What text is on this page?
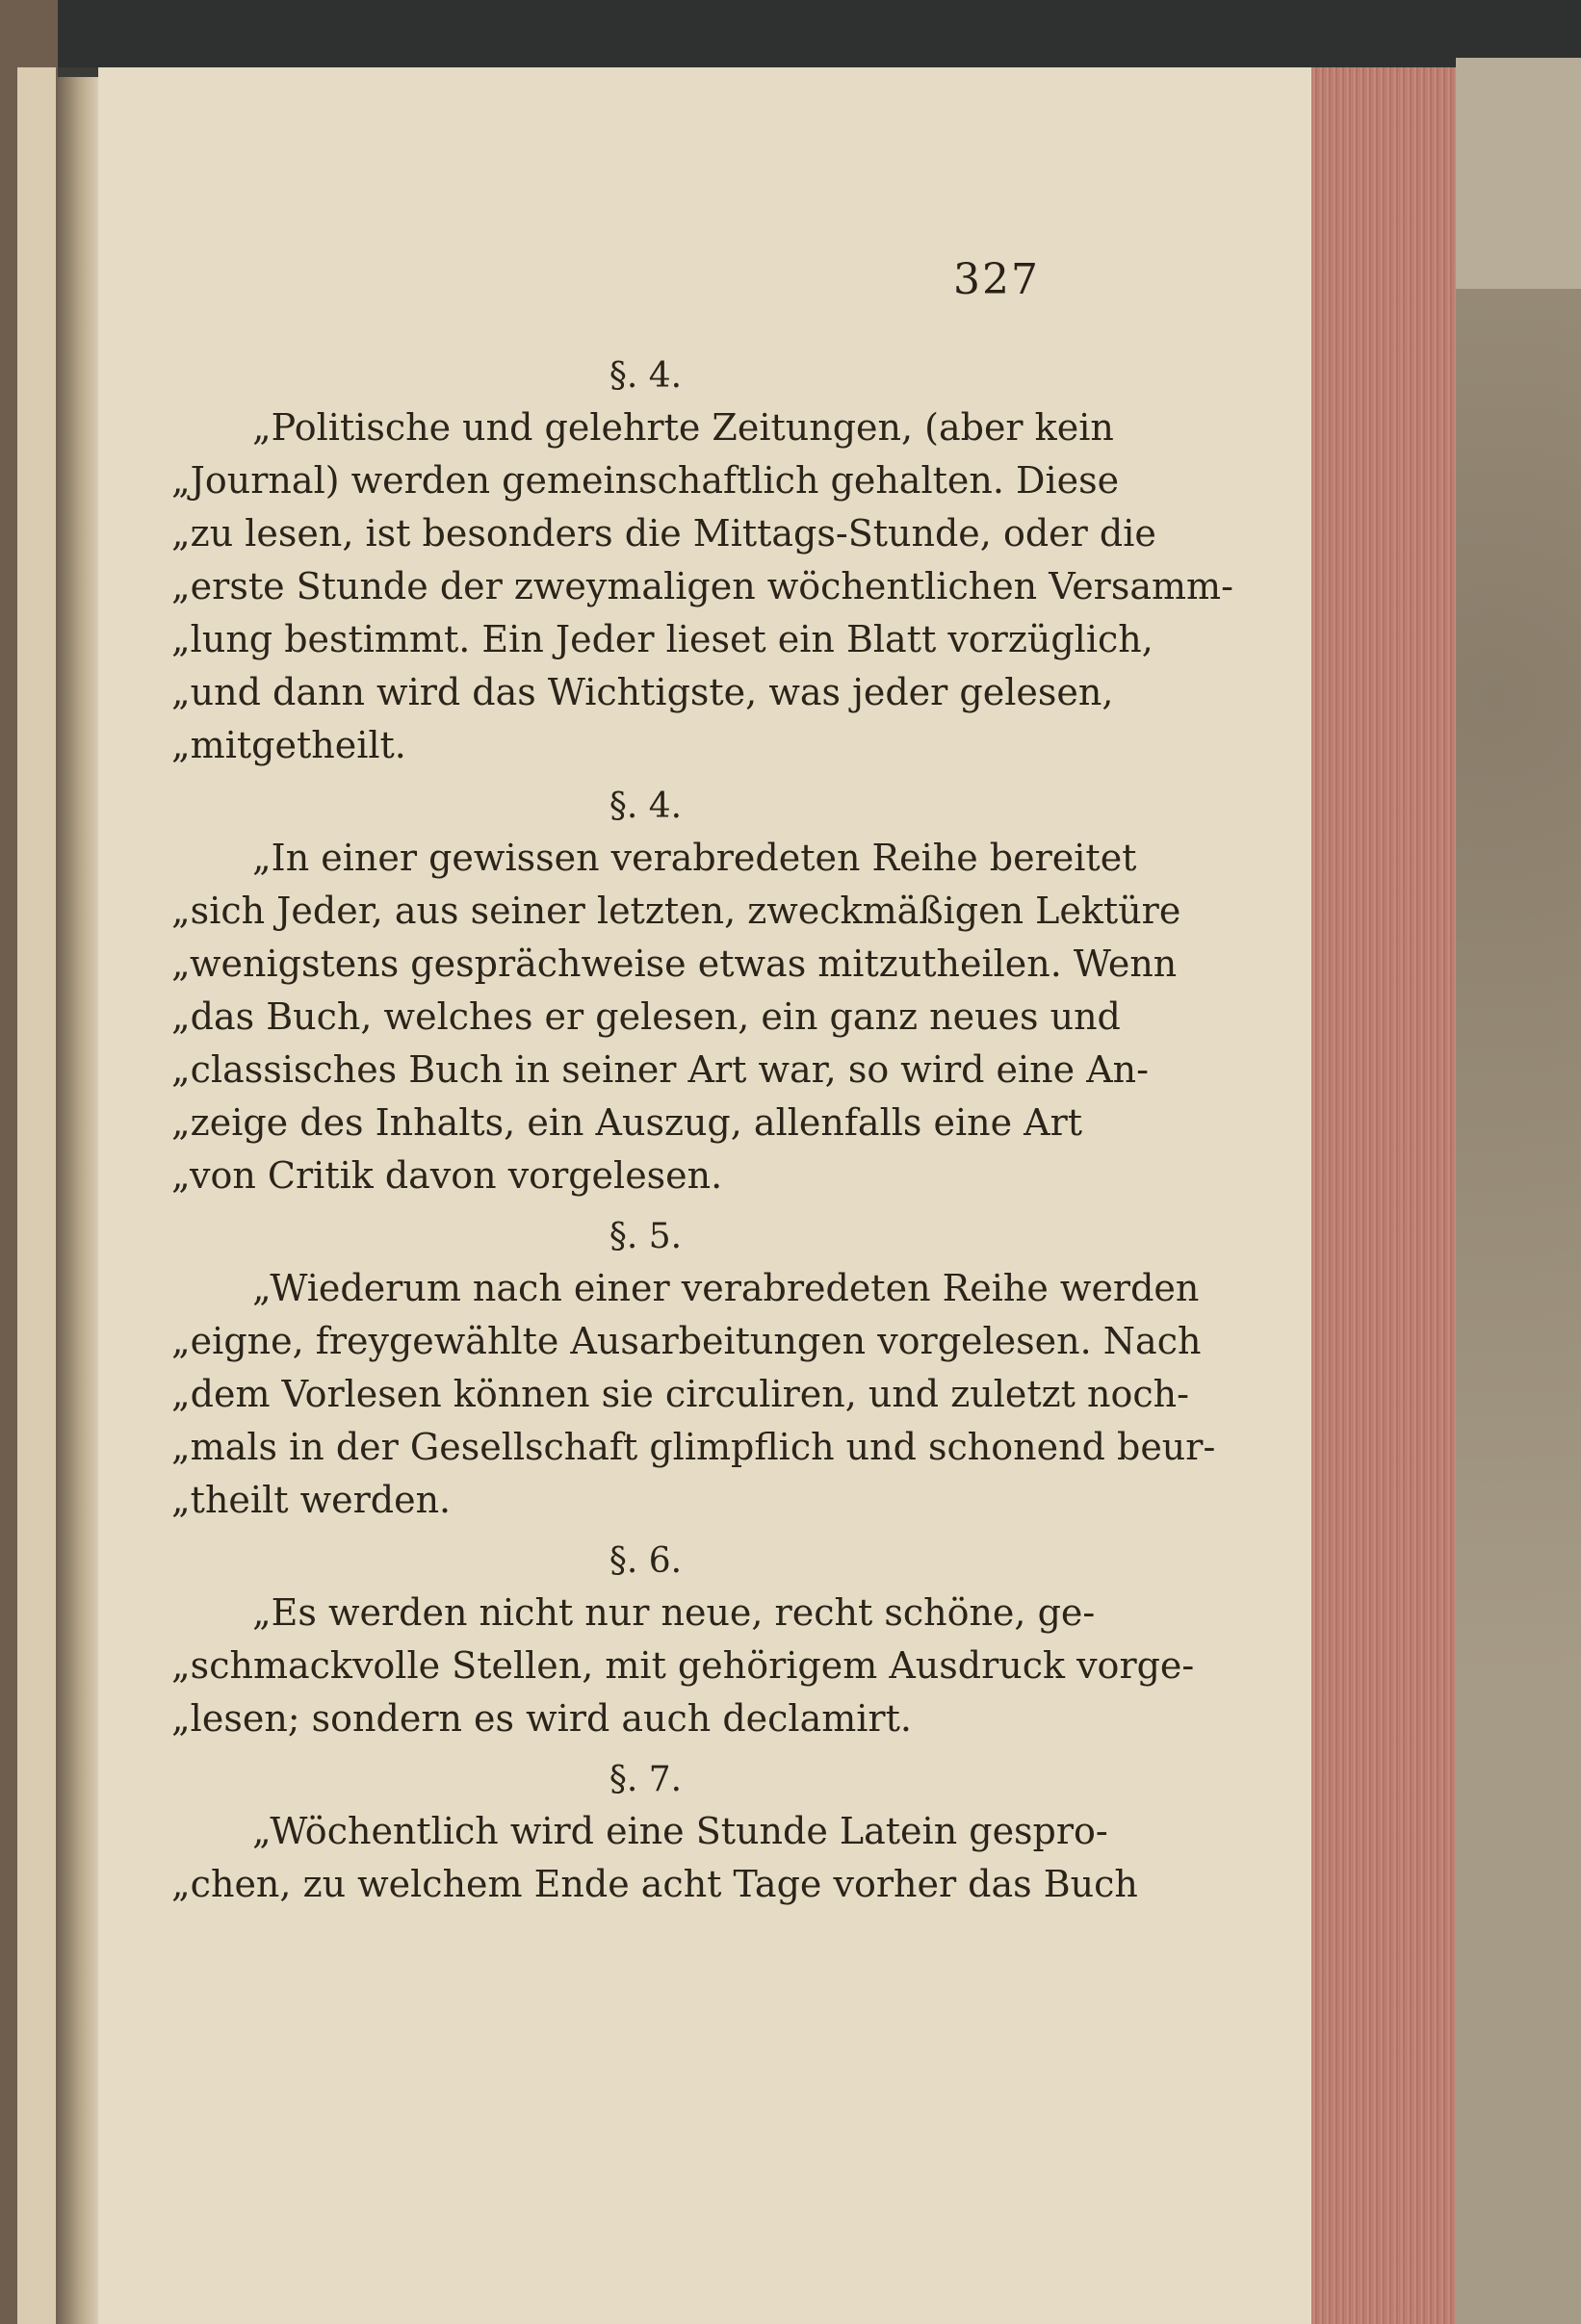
327
§. 4.
„Politische und gelehrte Zeitungen, (aber kein
„Journal) werden gemeinschaftlich gehalten. Diese
„zu lesen, ist besonders die Mittags-Stunde, oder die
„erste Stunde der zweymaligen wöchentlichen Versamm-
„lung bestimmt. Ein Jeder lieset ein Blatt vorzüglich,
„und dann wird das Wichtigste, was jeder gelesen,
„mitgetheilt.
§. 4.
„In einer gewissen verabredeten Reihe bereitet
„sich Jeder, aus seiner letzten, zweckmäßigen Lektüre
„wenigstens gesprächweise etwas mitzutheilen. Wenn
„das Buch, welches er gelesen, ein ganz neues und
„classisches Buch in seiner Art war, so wird eine An-
„zeige des Inhalts, ein Auszug, allenfalls eine Art
„von Critik davon vorgelesen.
§. 5.
„Wiederum nach einer verabredeten Reihe werden
„eigne, freygewählte Ausarbeitungen vorgelesen. Nach
„dem Vorlesen können sie circuliren, und zuletzt noch-
„mals in der Gesellschaft glimpflich und schonend beur-
„theilt werden.
§. 6.
„Es werden nicht nur neue, recht schöne, ge-
„schmackvolle Stellen, mit gehörigem Ausdruck vorge-
„lesen; sondern es wird auch declamirt.
§. 7.
„Wöchentlich wird eine Stunde Latein gespro-
„chen, zu welchem Ende acht Tage vorher das Buch
